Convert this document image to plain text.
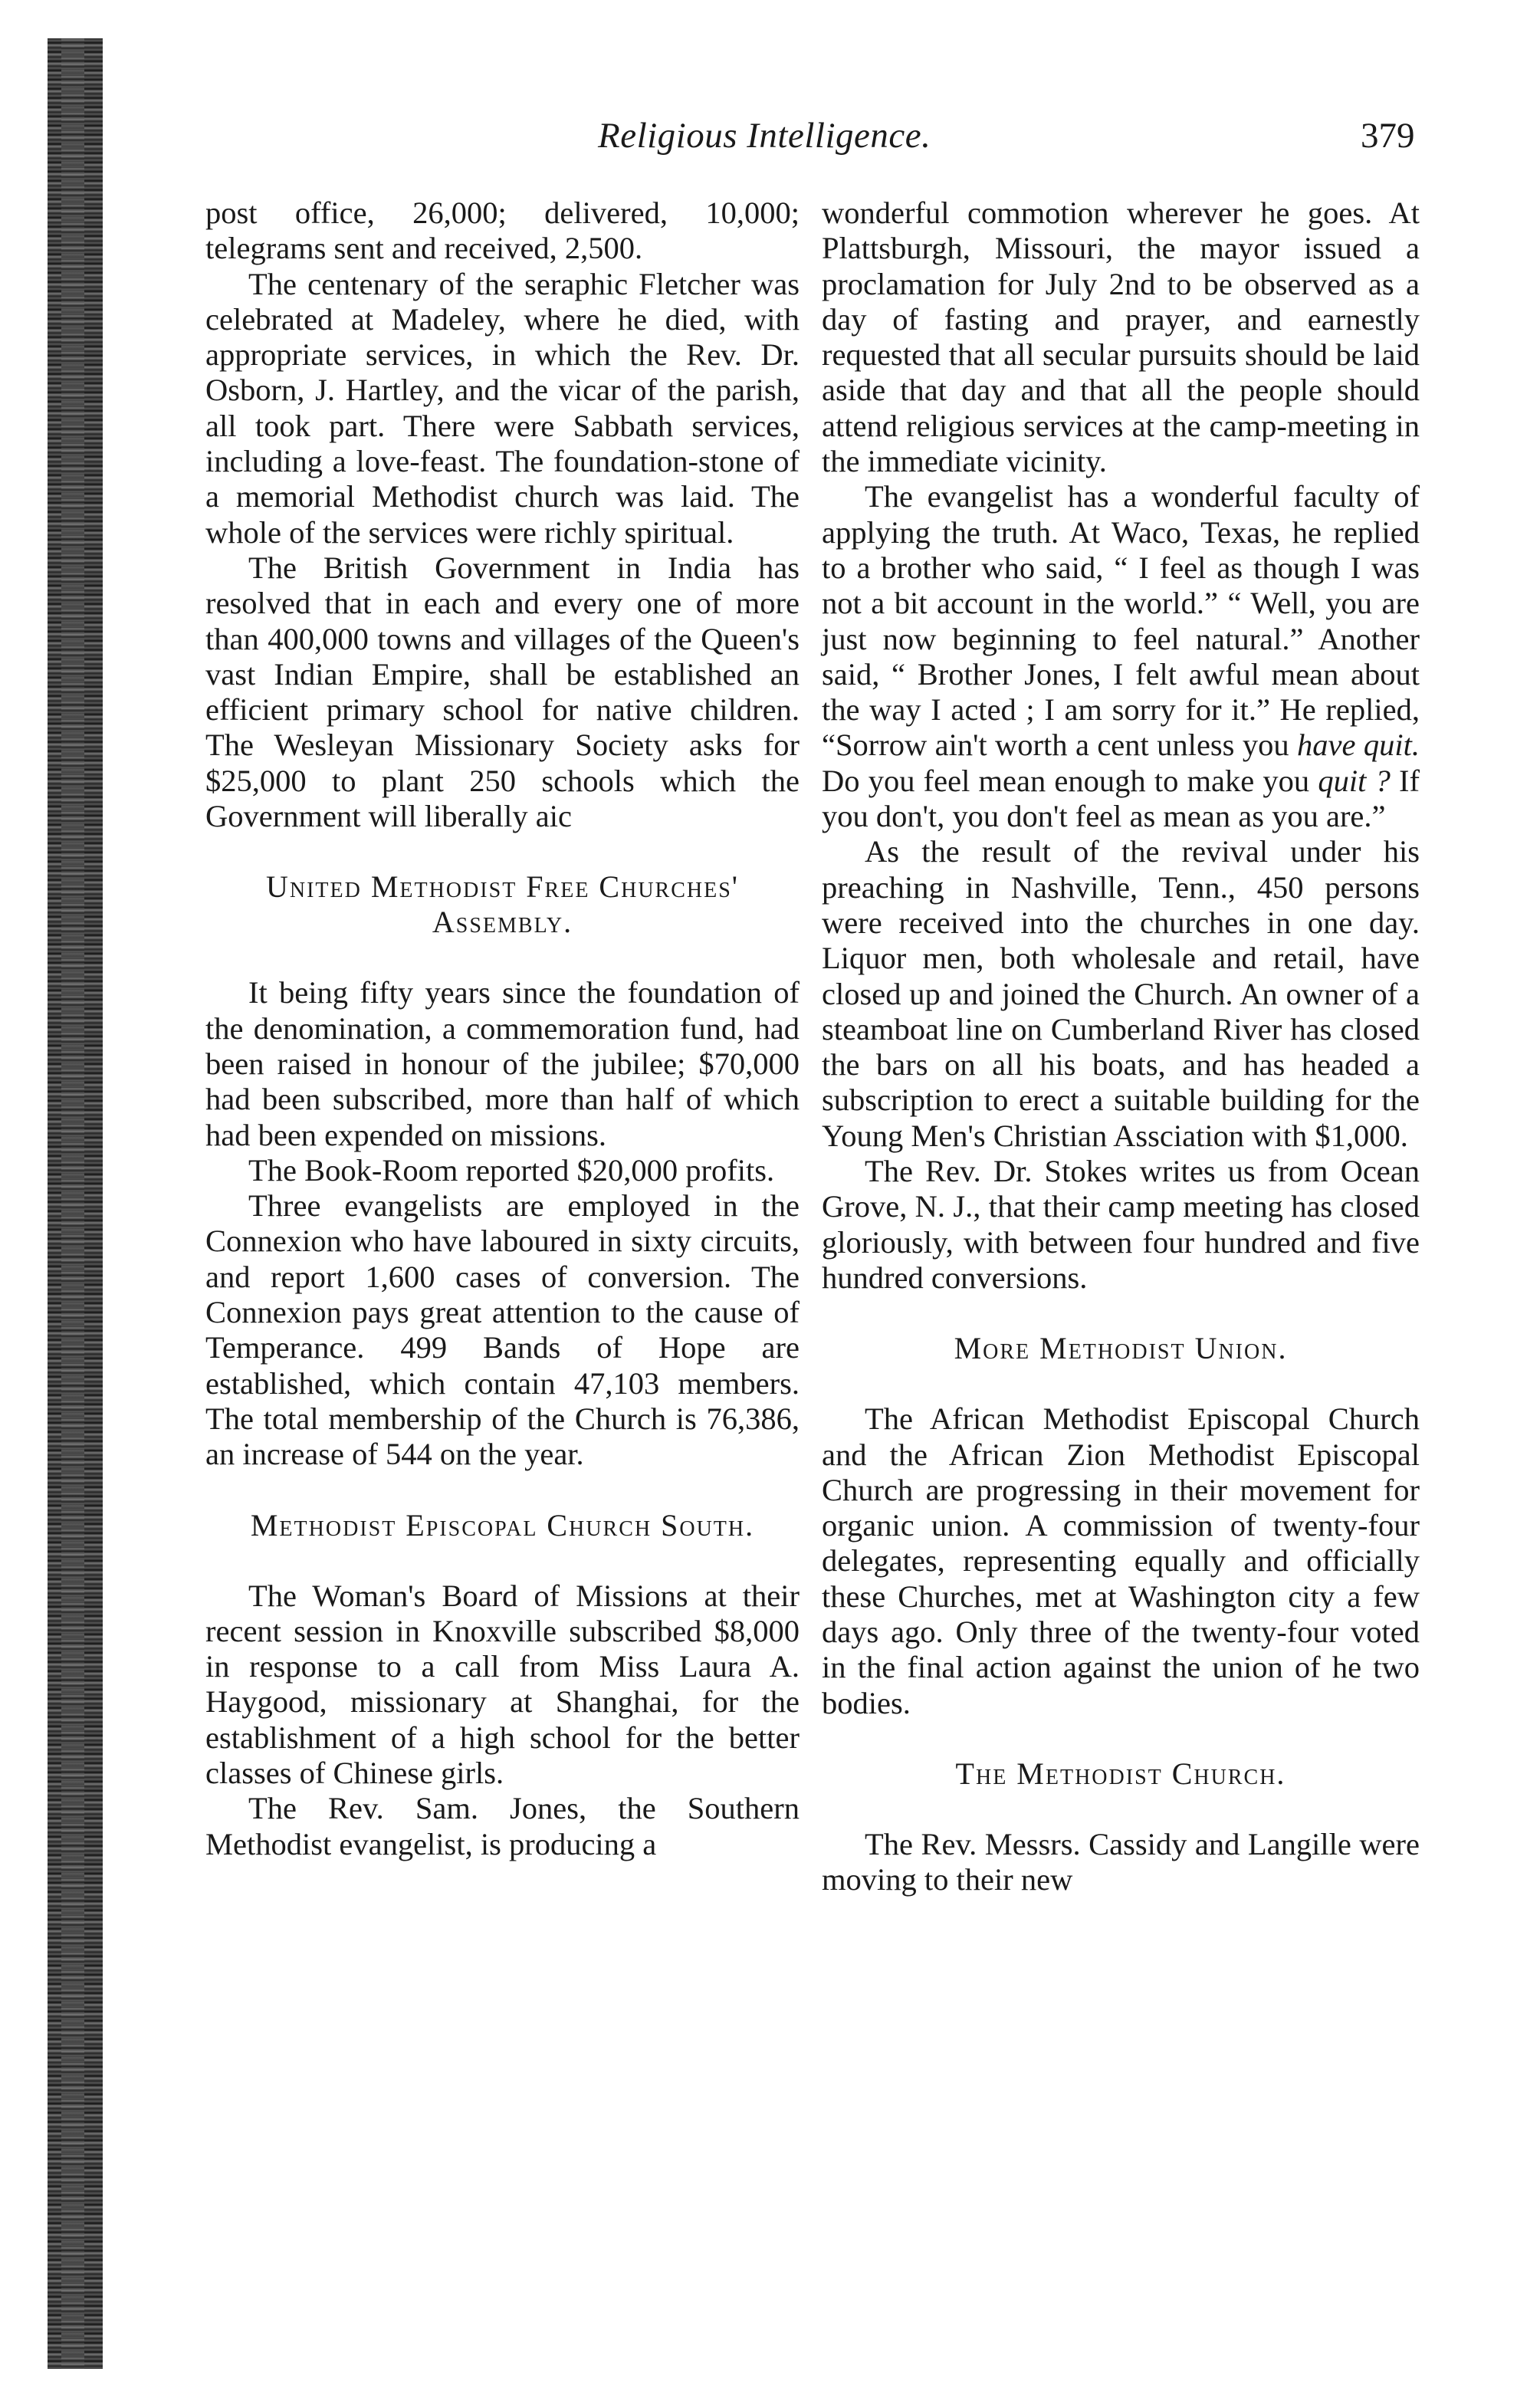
Religious Intelligence.	379

post office, 26,000; delivered, 10,000; telegrams sent and received, 2,500.

The centenary of the seraphic Fletcher was celebrated at Madeley, where he died, with appropriate services, in which the Rev. Dr. Osborn, J. Hartley, and the vicar of the parish, all took part. There were Sabbath services, including a love-feast. The foundation-stone of a memorial Methodist church was laid. The whole of the services were richly spiritual.

The British Government in India has resolved that in each and every one of more than 400,000 towns and villages of the Queen's vast Indian Empire, shall be established an efficient primary school for native children. The Wesleyan Missionary Society asks for $25,000 to plant 250 schools which the Government will liberally aic

United Methodist Free Churches' Assembly.

It being fifty years since the foundation of the denomination, a commemoration fund, had been raised in honour of the jubilee; $70,000 had been subscribed, more than half of which had been expended on missions.

The Book-Room reported $20,000 profits.

Three evangelists are employed in the Connexion who have laboured in sixty circuits, and report 1,600 cases of conversion. The Connexion pays great attention to the cause of Temperance. 499 Bands of Hope are established, which contain 47,103 members. The total membership of the Church is 76,386, an increase of 544 on the year.

Methodist Episcopal Church South.

The Woman's Board of Missions at their recent session in Knoxville subscribed $8,000 in response to a call from Miss Laura A. Haygood, missionary at Shanghai, for the establishment of a high school for the better classes of Chinese girls.

The Rev. Sam. Jones, the Southern Methodist evangelist, is producing a

wonderful commotion wherever he goes. At Plattsburgh, Missouri, the mayor issued a proclamation for July 2nd to be observed as a day of fasting and prayer, and earnestly requested that all secular pursuits should be laid aside that day and that all the people should attend religious services at the camp-meeting in the immediate vicinity.

The evangelist has a wonderful faculty of applying the truth. At Waco, Texas, he replied to a brother who said, “ I feel as though I was not a bit account in the world.” “ Well, you are just now beginning to feel natural.” Another said, “ Brother Jones, I felt awful mean about the way I acted ; I am sorry for it.” He replied, “Sorrow ain't worth a cent unless you have quit. Do you feel mean enough to make you quit ? If you don't, you don't feel as mean as you are.”

As the result of the revival under his preaching in Nashville, Tenn., 450 persons were received into the churches in one day. Liquor men, both wholesale and retail, have closed up and joined the Church. An owner of a steamboat line on Cumberland River has closed the bars on all his boats, and has headed a subscription to erect a suitable building for the Young Men's Christian Assciation with $1,000.

The Rev. Dr. Stokes writes us from Ocean Grove, N. J., that their camp meeting has closed gloriously, with between four hundred and five hundred conversions.

More Methodist Union.

The African Methodist Episcopal Church and the African Zion Methodist Episcopal Church are progressing in their movement for organic union. A commission of twenty-four delegates, representing equally and officially these Churches, met at Washington city a few days ago. Only three of the twenty-four voted in the final action against the union of he two bodies.

The Methodist Church.

The Rev. Messrs. Cassidy and Langille were moving to their new
